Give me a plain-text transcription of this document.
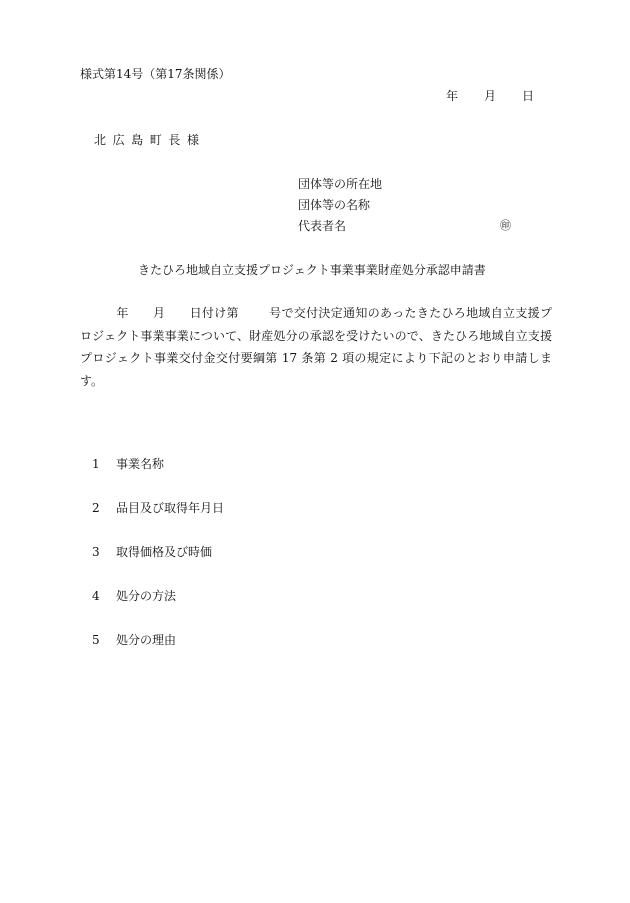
様式第14号（第17条関係）
年 月 日
北広島町長様
団体等の所在地
団体等の名称
代表者名	㊞
きたひろ地域自立支援プロジェクト事業事業財産処分承認申請書
年 月 日付け第	号で交付決定通知のあったきたひろ地域自立支援プロジェクト事業事業について、財産処分の承認を受けたいので、きたひろ地域自立支援プロジェクト事業交付金交付要綱第 17 条第 2 項の規定により下記のとおり申請します。
1 事業名称
2 品目及び取得年月日
3 取得価格及び時価
4 処分の方法
5 処分の理由
